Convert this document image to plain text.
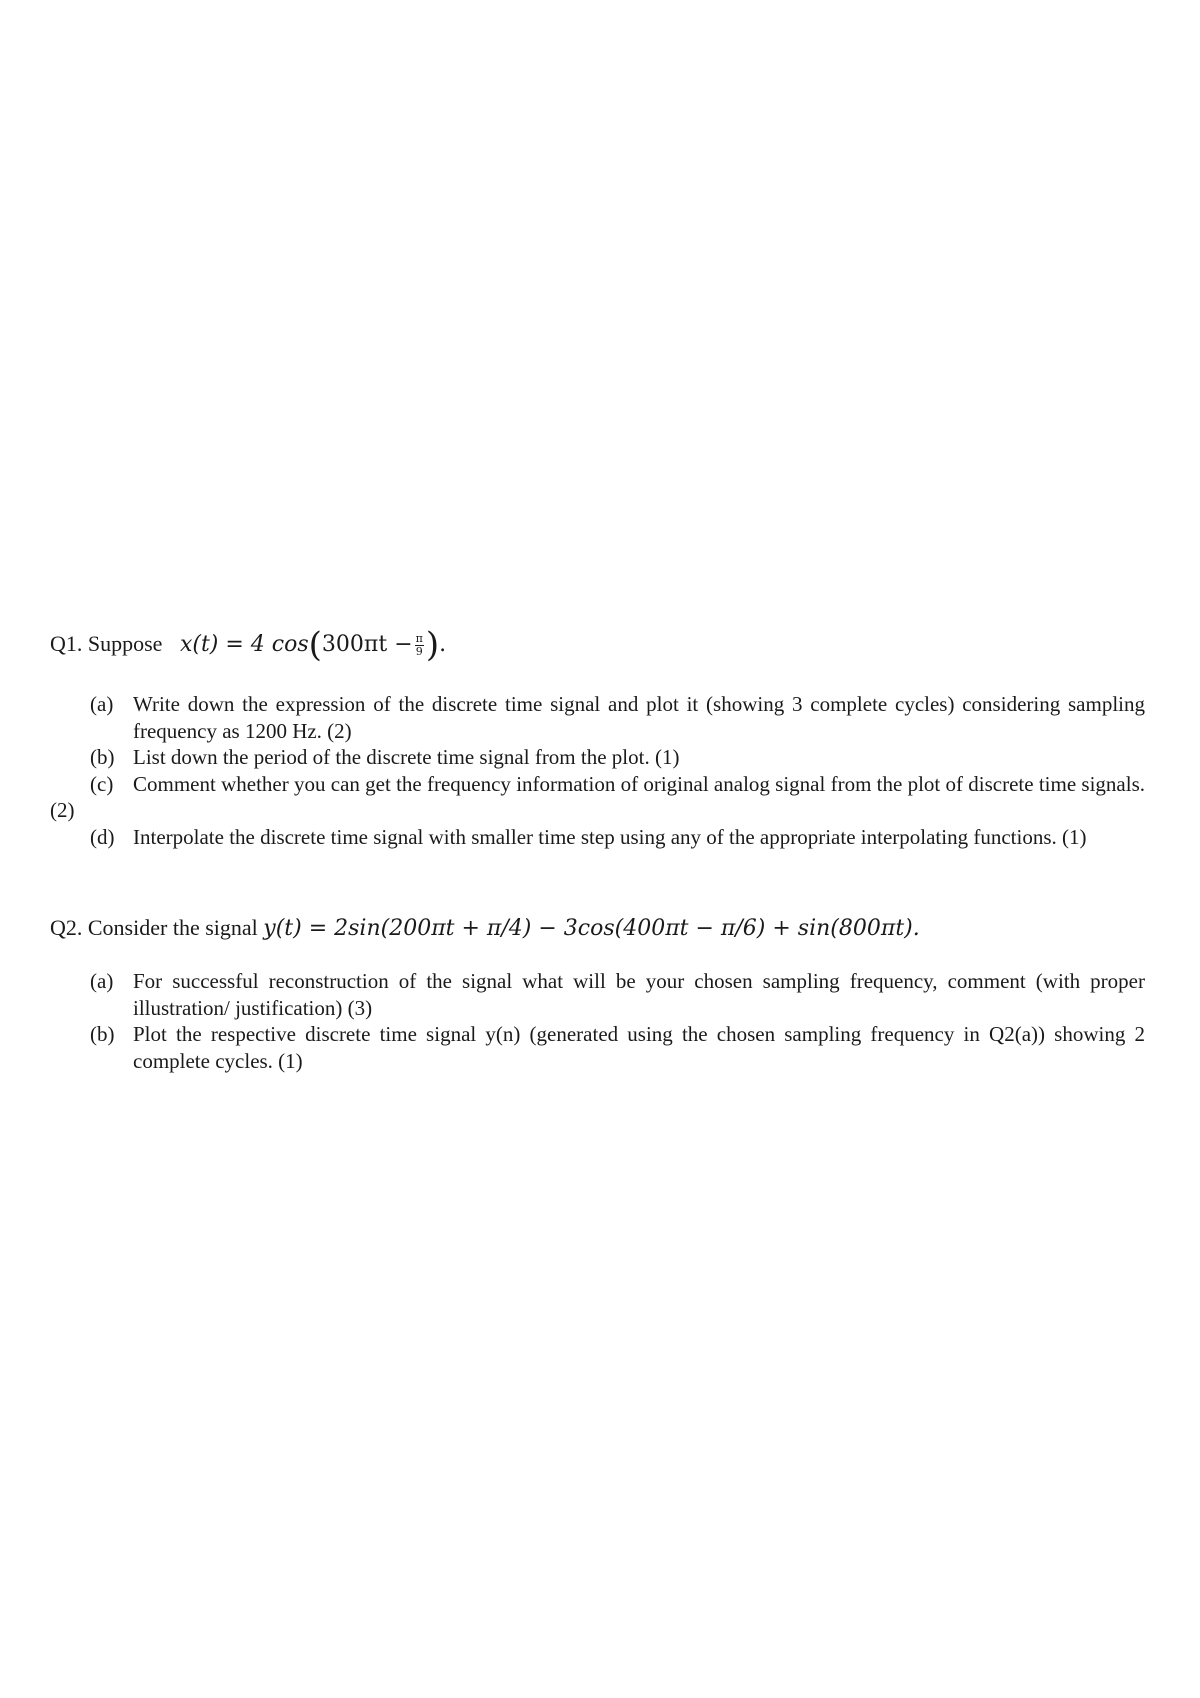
Q1. Suppose x(t) = 4 $\cos(300\pi t - \frac{\pi}{9}$ ).
(a) Write down the expression of the discrete time signal and plot it (showing 3 complete cycles) considering sampling frequency as 1200 Hz. (2)
(b) List down the period of the discrete time signal from the plot. (1)
(c) Comment whether you can get the frequency information of original analog signal from the plot of discrete time signals. (2)
(d) Interpolate the discrete time signal with smaller time step using any of the appropriate interpolating functions. (1)
Q2. Consider the signal y(t) = 2sin(200πt + π/4) − 3cos(400πt − π/6) + sin(800πt).
(a) For successful reconstruction of the signal what will be your chosen sampling frequency, comment (with proper illustration/ justification) (3)
(b) Plot the respective discrete time signal y(n) (generated using the chosen sampling frequency in Q2(a)) showing 2 complete cycles. (1)
